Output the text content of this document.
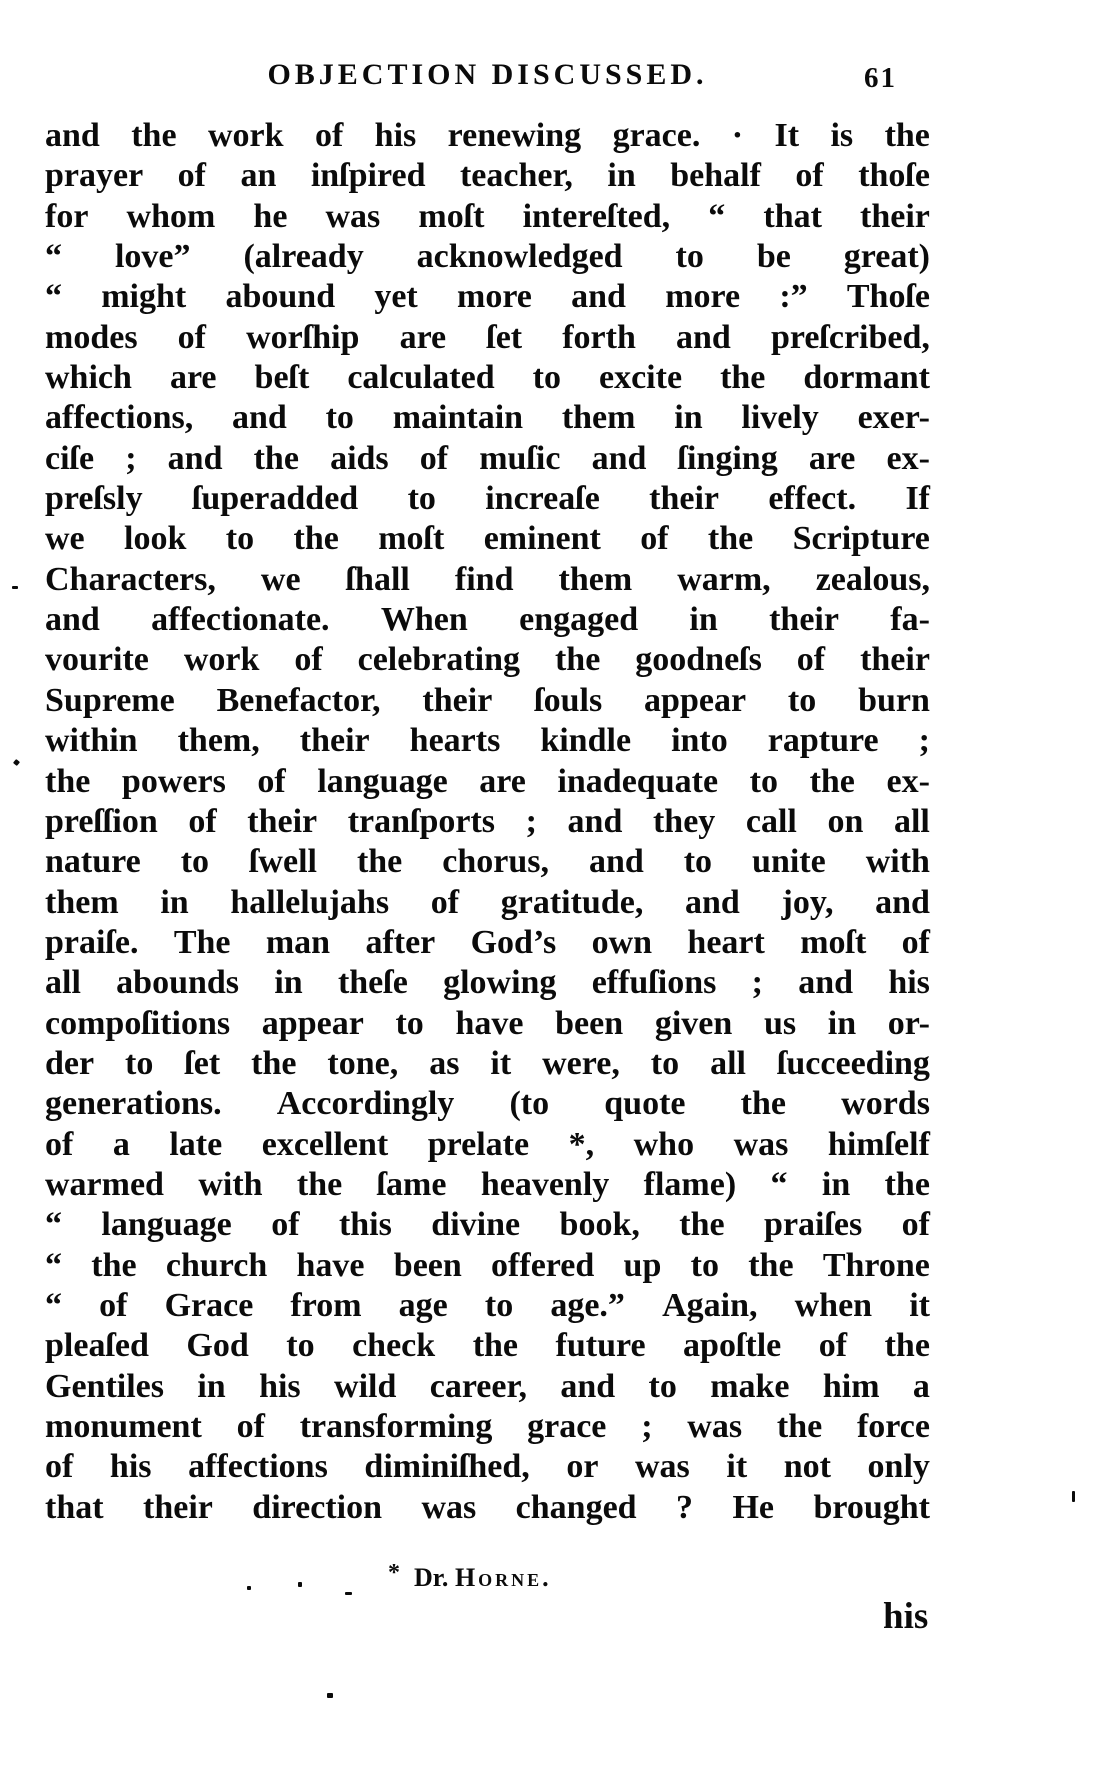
OBJECTION DISCUSSED.	61
and the work of his renewing grace. · It is the
prayer of an inſpired teacher, in behalf of thoſe
for whom he was moſt intereſted, “ that their
“ love” (already acknowledged to be great)
“ might abound yet more and more :” Thoſe
modes of worſhip are ſet forth and preſcribed,
which are beſt calculated to excite the dormant
affections, and to maintain them in lively exer-
ciſe ; and the aids of muſic and ſinging are ex-
preſsly ſuperadded to increaſe their effect. If
we look to the moſt eminent of the Scripture
Characters, we ſhall find them warm, zealous,
and affectionate. When engaged in their fa-
vourite work of celebrating the goodneſs of their
Supreme Benefactor, their ſouls appear to burn
within them, their hearts kindle into rapture ;
the powers of language are inadequate to the ex-
preſſion of their tranſports ; and they call on all
nature to ſwell the chorus, and to unite with
them in hallelujahs of gratitude, and joy, and
praiſe. The man after God’s own heart moſt of
all abounds in theſe glowing effuſions ; and his
compoſitions appear to have been given us in or-
der to ſet the tone, as it were, to all ſucceeding
generations. Accordingly (to quote the words
of a late excellent prelate *, who was himſelf
warmed with the ſame heavenly flame) “ in the
“ language of this divine book, the praiſes of
“ the church have been offered up to the Throne
“ of Grace from age to age.” Again, when it
pleaſed God to check the future apoſtle of the
Gentiles in his wild career, and to make him a
monument of transforming grace ; was the force
of his affections diminiſhed, or was it not only
that their direction was changed ? He brought
* Dr. Horne.
his
